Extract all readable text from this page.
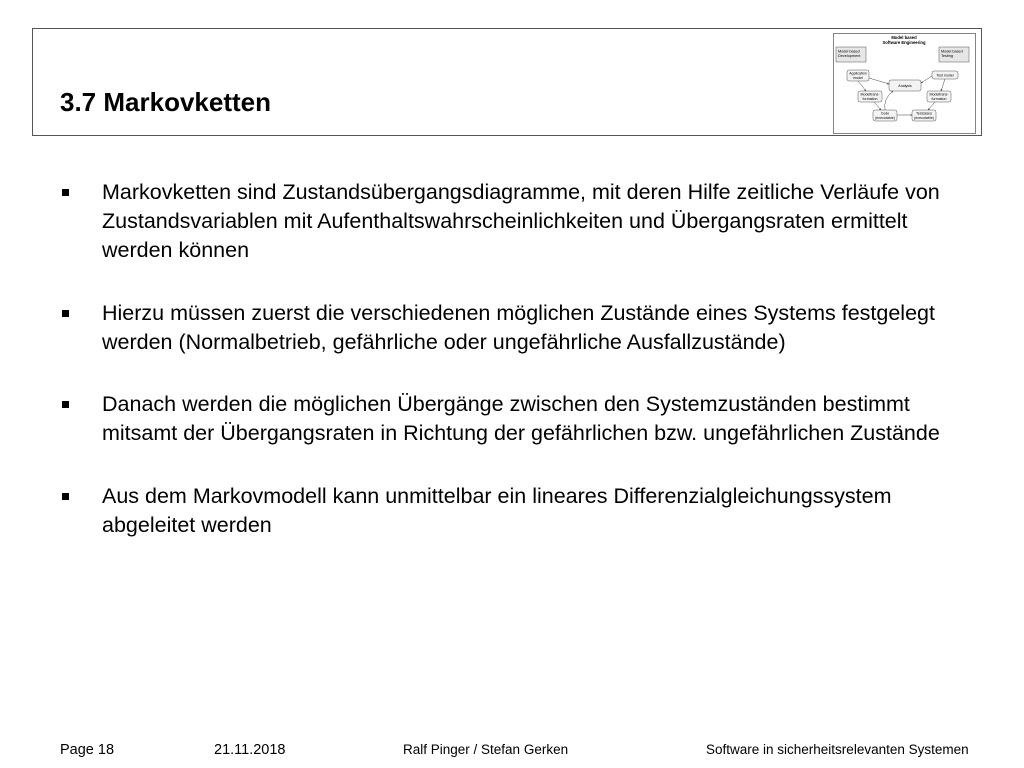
3.7 Markovketten
Model based
Software Engineering
Model based
Development
Model based
Testing
Application
model
Test model
Analysis
Modeltrans-
formation
Modeltrans-
formation
Code
(executable)
Testcases
(executable)
Markovketten sind Zustandsübergangsdiagramme, mit deren Hilfe zeitliche Verläufe von Zustandsvariablen mit Aufenthaltswahrscheinlichkeiten und Übergangsraten ermittelt werden können
Hierzu müssen zuerst die verschiedenen möglichen Zustände eines Systems festgelegt werden (Normalbetrieb, gefährliche oder ungefährliche Ausfallzustände)
Danach werden die möglichen Übergänge zwischen den Systemzuständen bestimmt mitsamt der Übergangsraten in Richtung der gefährlichen bzw. ungefährlichen Zustände
Aus dem Markovmodell kann unmittelbar ein lineares Differenzialgleichungssystem abgeleitet werden
Page 18	21.11.2018	Ralf Pinger / Stefan Gerken	Software in sicherheitsrelevanten Systemen
